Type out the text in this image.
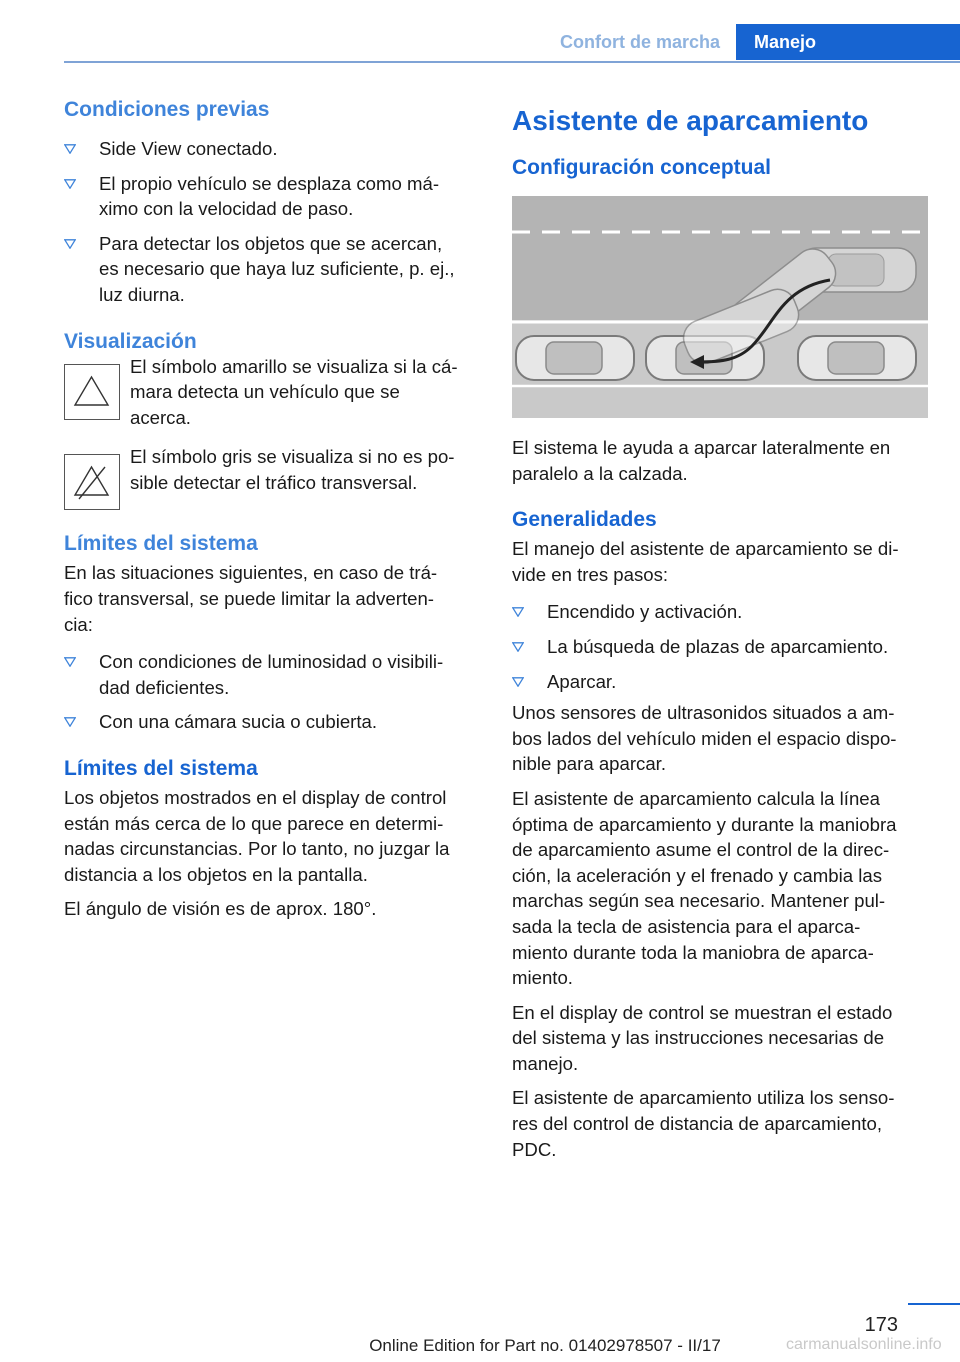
Confort de marcha	Manejo
Condiciones previas
Side View conectado.
El propio vehículo se desplaza como má-
ximo con la velocidad de paso.
Para detectar los objetos que se acercan,
es necesario que haya luz suficiente, p. ej.,
luz diurna.
Visualización
El símbolo amarillo se visualiza si la cá-
mara detecta un vehículo que se
acerca.
El símbolo gris se visualiza si no es po-
sible detectar el tráfico transversal.
Límites del sistema

En las situaciones siguientes, en caso de trá-
fico transversal, se puede limitar la adverten-
cia:

Con condiciones de luminosidad o visibili-
dad deficientes.
Con una cámara sucia o cubierta.
Límites del sistema

Los objetos mostrados en el display de control
están más cerca de lo que parece en determi-
nadas circunstancias. Por lo tanto, no juzgar la
distancia a los objetos en la pantalla.

El ángulo de visión es de aprox. 180°.

Asistente de aparcamiento
Configuración conceptual

El sistema le ayuda a aparcar lateralmente en
paralelo a la calzada.

Generalidades

El manejo del asistente de aparcamiento se di-
vide en tres pasos:

Encendido y activación.
La búsqueda de plazas de aparcamiento.
Aparcar.

Unos sensores de ultrasonidos situados a am-
bos lados del vehículo miden el espacio dispo-
nible para aparcar.

El asistente de aparcamiento calcula la línea
óptima de aparcamiento y durante la maniobra
de aparcamiento asume el control de la direc-
ción, la aceleración y el frenado y cambia las
marchas según sea necesario. Mantener pul-
sada la tecla de asistencia para el aparca-
miento durante toda la maniobra de aparca-
miento.

En el display de control se muestran el estado
del sistema y las instrucciones necesarias de
manejo.

El asistente de aparcamiento utiliza los senso-
res del control de distancia de aparcamiento,
PDC.

173
Online Edition for Part no. 01402978507 - II/17	carmanualsonline.info
